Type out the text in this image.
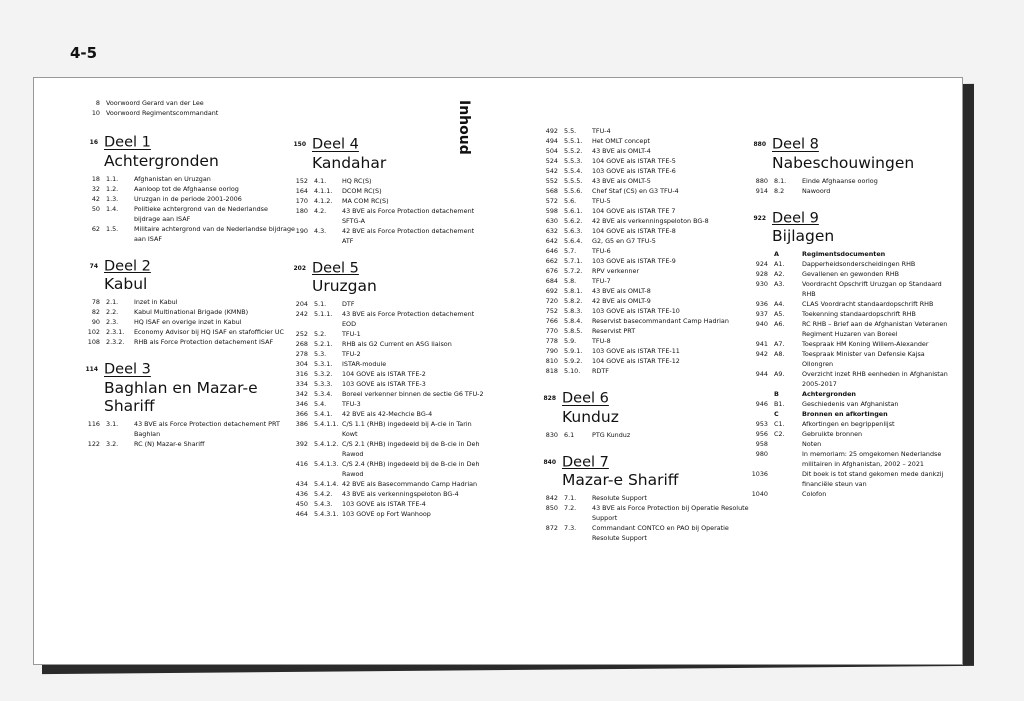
4-5
8 Voorwoord Gerard van der Lee
10 Voorwoord Regimentscommandant
16 Deel 1
Achtergronden
18 1.1.	Afghanistan en Uruzgan
32 1.2.	Aanloop tot de Afghaanse oorlog
42 1.3.	Uruzgan in de periode 2001-2006
50 1.4.	Politieke achtergrond van de Nederlandse bijdrage aan ISAF
62 1.5.	Militaire achtergrond van de Nederlandse bijdrage aan ISAF
74 Deel 2
Kabul
78 2.1.	Inzet in Kabul
82 2.2.	Kabul Multinational Brigade (KMNB)
90 2.3.	HQ ISAF en overige inzet in Kabul
102 2.3.1.	Economy Advisor bij HQ ISAF en stafofficier UC
108 2.3.2.	RHB als Force Protection detachement ISAF
114 Deel 3
Baghlan en Mazar-e Shariff
116 3.1.	43 BVE als Force Protection detachement PRT Baghlan
122 3.2.	RC (N) Mazar-e Shariff
150 Deel 4
Kandahar
152 4.1.	HQ RC(S)
164 4.1.1.	DCOM RC(S)
170 4.1.2.	MA COM RC(S)
180 4.2.	43 BVE als Force Protection detachement SFTG-A
190 4.3.	42 BVE als Force Protection detachement ATF
202 Deel 5
Uruzgan
204 5.1.	DTF
242 5.1.1.	43 BVE als Force Protection detachement EOD
252 5.2.	TFU-1
268 5.2.1.	RHB als G2 Current en ASG liaison
278 5.3.	TFU-2
304 5.3.1.	ISTAR-module
316 5.3.2.	104 GOVE als ISTAR TFE-2
334 5.3.3.	103 GOVE als ISTAR TFE-3
342 5.3.4.	Boreel verkenner binnen de sectie G6 TFU-2
346 5.4.	TFU-3
366 5.4.1.	42 BVE als 42-Mechcie BG-4
386 5.4.1.1. C/S 1.1 (RHB) ingedeeld bij A-cie in Tarin Kowt
392 5.4.1.2. C/S 2.1 (RHB) ingedeeld bij de B-cie in Deh Rawod
416 5.4.1.3. C/S 2.4 (RHB) ingedeeld bij de B-cie in Deh Rawod
434 5.4.1.4. 42 BVE als Basecommando Camp Hadrian
436 5.4.2.	43 BVE als verkenningspeloton BG-4
450 5.4.3.	103 GOVE als ISTAR TFE-4
464 5.4.3.1. 103 GOVE op Fort Wanhoop
492 5.5.	TFU-4
494 5.5.1.	Het OMLT concept
504 5.5.2.	43 BVE als OMLT-4
524 5.5.3.	104 GOVE als ISTAR TFE-5
542 5.5.4.	103 GOVE als ISTAR TFE-6
552 5.5.5.	43 BVE als OMLT-5
568 5.5.6.	Chef Staf (CS) en G3 TFU-4
572 5.6.	TFU-5
598 5.6.1.	104 GOVE als ISTAR TFE 7
630 5.6.2.	42 BVE als verkenningspeloton BG-8
632 5.6.3.	104 GOVE als ISTAR TFE-8
642 5.6.4.	G2, G5 en G7 TFU-5
646 5.7.	TFU-6
662 5.7.1.	103 GOVE als ISTAR TFE-9
676 5.7.2.	RPV verkenner
684 5.8.	TFU-7
692 5.8.1.	43 BVE als OMLT-8
720 5.8.2.	42 BVE als OMLT-9
752 5.8.3.	103 GOVE als ISTAR TFE-10
766 5.8.4.	Reservist basecommandant Camp Hadrian
770 5.8.5.	Reservist PRT
778 5.9.	TFU-8
790 5.9.1.	103 GOVE als ISTAR TFE-11
810 5.9.2.	104 GOVE als ISTAR TFE-12
818 5.10.	RDTF
828 Deel 6
Kunduz
830 6.1	PTG Kunduz
840 Deel 7
Mazar-e Shariff
842 7.1.	Resolute Support
850 7.2.	43 BVE als Force Protection bij Operatie Resolute Support
872 7.3.	Commandant CONTCO en PAO bij Operatie Resolute Support
880 Deel 8
Nabeschouwingen
880 8.1.	Einde Afghaanse oorlog
914 8.2	Nawoord
922 Deel 9
Bijlagen
A	Regimentsdocumenten
924 A1.	Dapperheidsonderscheidingen RHB
928 A2.	Gevallenen en gewonden RHB
930 A3.	Voordracht Opschrift Uruzgan op Standaard RHB
936 A4.	CLAS Voordracht standaardopschrift RHB
937 A5.	Toekenning standaardopschrift RHB
940 A6.	RC RHB – Brief aan de Afghanistan Veteranen Regiment Huzaren van Boreel
941 A7.	Toespraak HM Koning Willem-Alexander
942 A8.	Toespraak Minister van Defensie Kajsa Ollongren
944 A9.	Overzicht inzet RHB eenheden in Afghanistan 2005-2017
B	Achtergronden
946 B1.	Geschiedenis van Afghanistan
C	Bronnen en afkortingen
953 C1.	Afkortingen en begrippenlijst
956 C2.	Gebruikte bronnen
958	Noten
980	In memoriam: 25 omgekomen Nederlandse militairen in Afghanistan, 2002 – 2021
1036	Dit boek is tot stand gekomen mede dankzij financiële steun van
1040	Colofon
Inhoud
